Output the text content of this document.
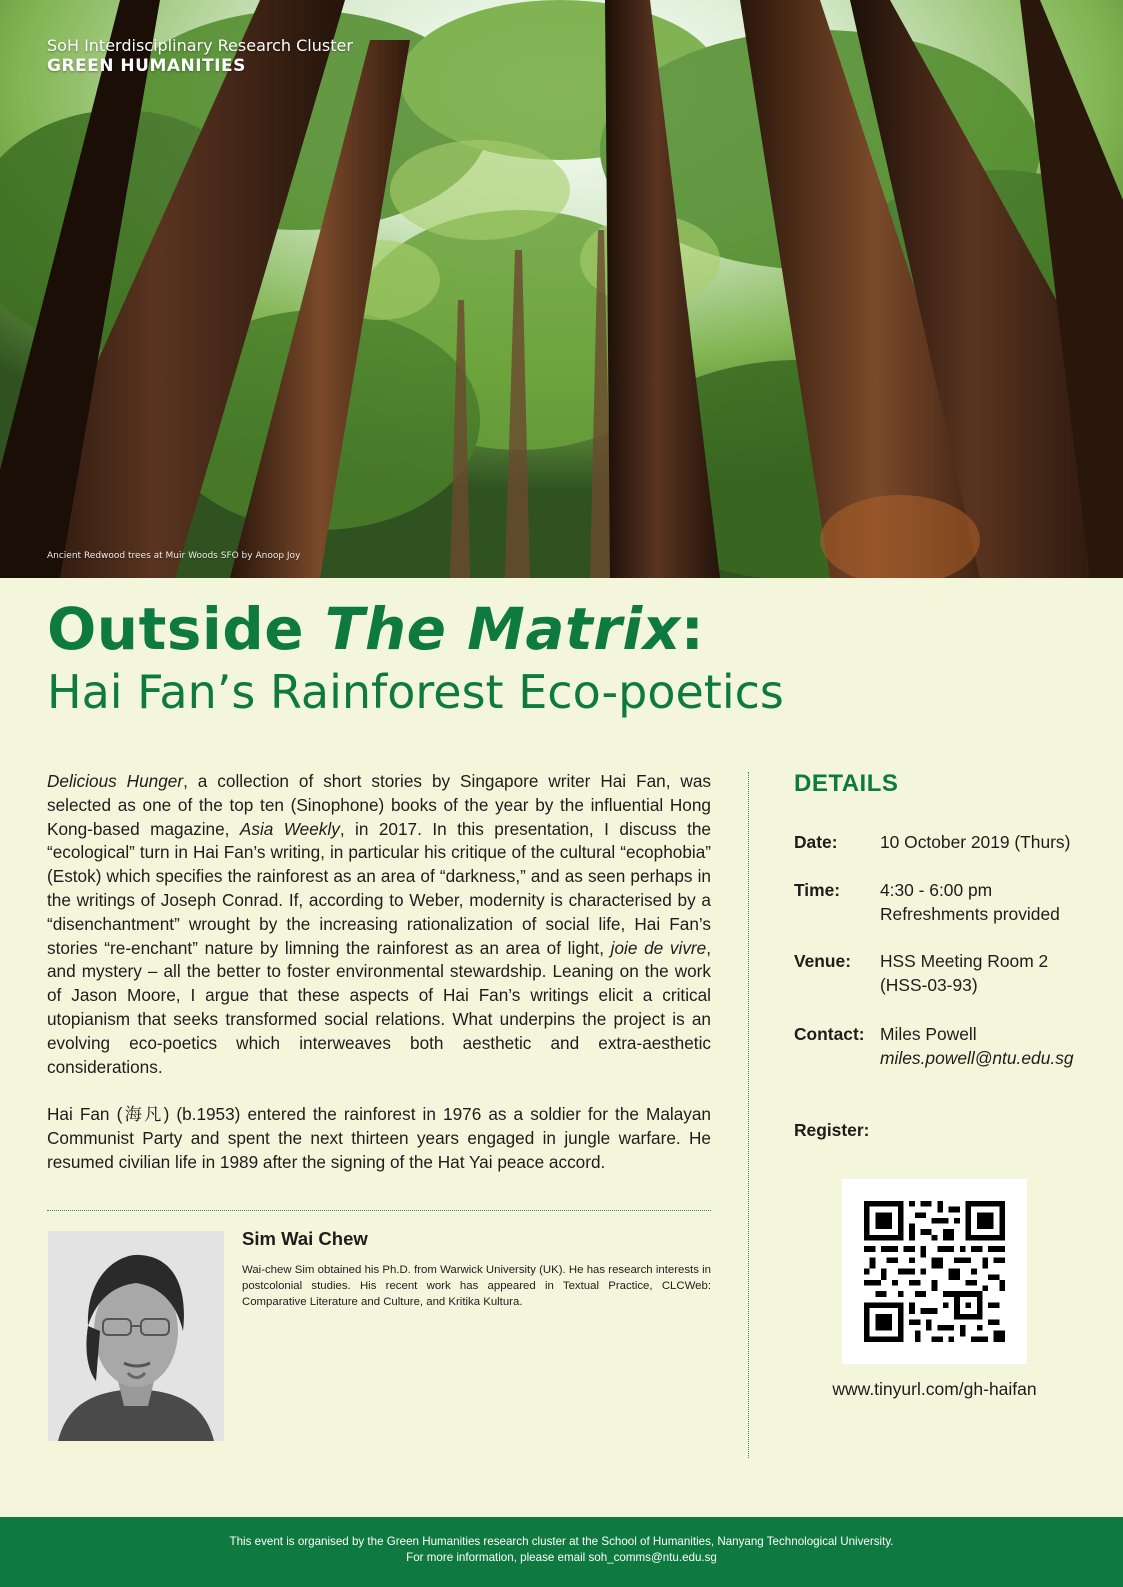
SoH Interdisciplinary Research Cluster
GREEN HUMANITIES
Ancient Redwood trees at Muir Woods SFO by Anoop Joy
Outside The Matrix:
Hai Fan’s Rainforest Eco-poetics

Delicious Hunger, a collection of short stories by Singapore writer Hai Fan, was selected as one of the top ten (Sinophone) books of the year by the influential Hong Kong-based magazine, Asia Weekly, in 2017. In this presentation, I discuss the “ecological” turn in Hai Fan’s writing, in particular his critique of the cultural “ecophobia” (Estok) which specifies the rainforest as an area of “darkness,” and as seen perhaps in the writings of Joseph Conrad. If, according to Weber, modernity is characterised by a “disenchantment” wrought by the increasing rationalization of social life, Hai Fan’s stories “re-enchant” nature by limning the rainforest as an area of light, joie de vivre, and mystery – all the better to foster environmental stewardship. Leaning on the work of Jason Moore, I argue that these aspects of Hai Fan’s writings elicit a critical utopianism that seeks transformed social relations. What underpins the project is an evolving eco-poetics which interweaves both aesthetic and extra-aesthetic considerations.

Hai Fan (海凡) (b.1953) entered the rainforest in 1976 as a soldier for the Malayan Communist Party and spent the next thirteen years engaged in jungle warfare. He resumed civilian life in 1989 after the signing of the Hat Yai peace accord.

Sim Wai Chew
Wai-chew Sim obtained his Ph.D. from Warwick University (UK). He has research interests in postcolonial studies. His recent work has appeared in Textual Practice, CLCWeb: Comparative Literature and Culture, and Kritika Kultura.
DETAILS
Date: 10 October 2019 (Thurs)
Time: 4:30 - 6:00 pm
Refreshments provided
Venue: HSS Meeting Room 2
(HSS-03-93)
Contact: Miles Powell
miles.powell@ntu.edu.sg
Register:
www.tinyurl.com/gh-haifan
This event is organised by the Green Humanities research cluster at the School of Humanities, Nanyang Technological University.
For more information, please email soh_comms@ntu.edu.sg
